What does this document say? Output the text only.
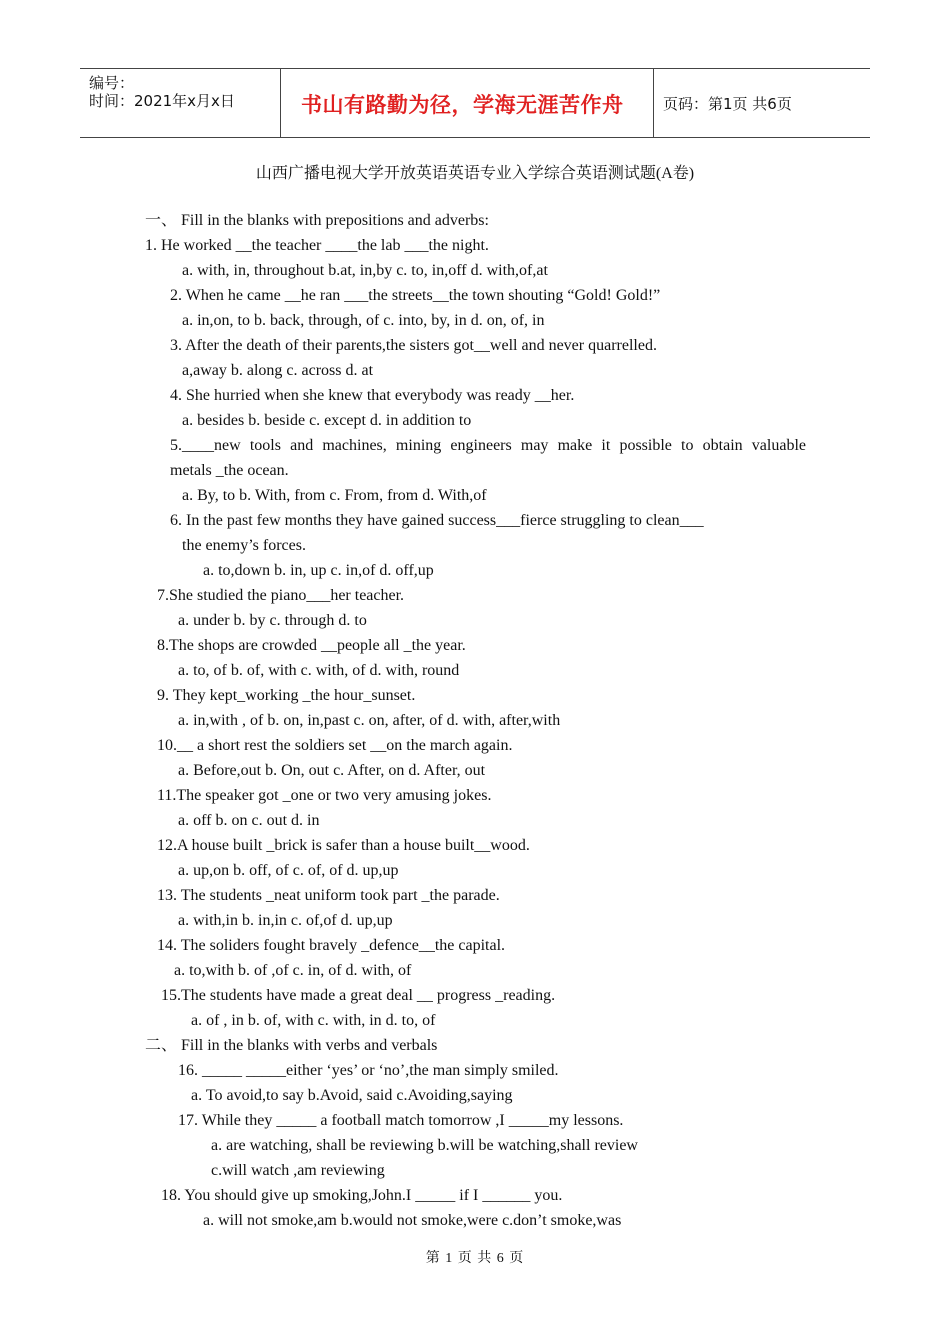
编号：
时间：2021年x月x日	书山有路勤为径，学海无涯苦作舟	页码：第1页 共6页
山西广播电视大学开放英语英语专业入学综合英语测试题(A卷)
一、 Fill in the blanks with prepositions and adverbs:
1. He worked __the teacher ____the lab ___the night.
a. with, in, throughout b.at, in,by c. to, in,off d. with,of,at
2. When he came __he ran ___the streets__the town shouting “Gold! Gold!”
a. in,on, to b. back, through, of c. into, by, in d. on, of, in
3. After the death of their parents,the sisters got__well and never quarrelled.
a,away b. along c. across d. at
4. She hurried when she knew that everybody was ready __her.
a. besides b. beside c. except d. in addition to
5.____new tools and machines, mining engineers may make it possible to obtain valuable
metals _the ocean.
a. By, to b. With, from c. From, from d. With,of
6. In the past few months they have gained success___fierce struggling to clean___
the enemy’s forces.
a. to,down b. in, up c. in,of d. off,up
7.She studied the piano___her teacher.
a. under b. by c. through d. to
8.The shops are crowded __people all _the year.
a. to, of b. of, with c. with, of d. with, round
9. They kept_working _the hour_sunset.
a. in,with , of b. on, in,past c. on, after, of d. with, after,with
10.__ a short rest the soldiers set __on the march again.
a. Before,out b. On, out c. After, on d. After, out
11.The speaker got _one or two very amusing jokes.
a. off b. on c. out d. in
12.A house built _brick is safer than a house built__wood.
a. up,on b. off, of c. of, of d. up,up
13. The students _neat uniform took part _the parade.
a. with,in b. in,in c. of,of d. up,up
14. The soliders fought bravely _defence__the capital.
a. to,with b. of ,of c. in, of d. with, of
15.The students have made a great deal __ progress _reading.
a. of , in b. of, with c. with, in d. to, of
二、 Fill in the blanks with verbs and verbals
16. _____ _____either ‘yes’ or ‘no’,the man simply smiled.
a. To avoid,to say b.Avoid, said c.Avoiding,saying
17. While they _____ a football match tomorrow ,I _____my lessons.
a. are watching, shall be reviewing b.will be watching,shall review
c.will watch ,am reviewing
18. You should give up smoking,John.I _____ if I ______ you.
a. will not smoke,am b.would not smoke,were c.don’t smoke,was
第 1 页 共 6 页
